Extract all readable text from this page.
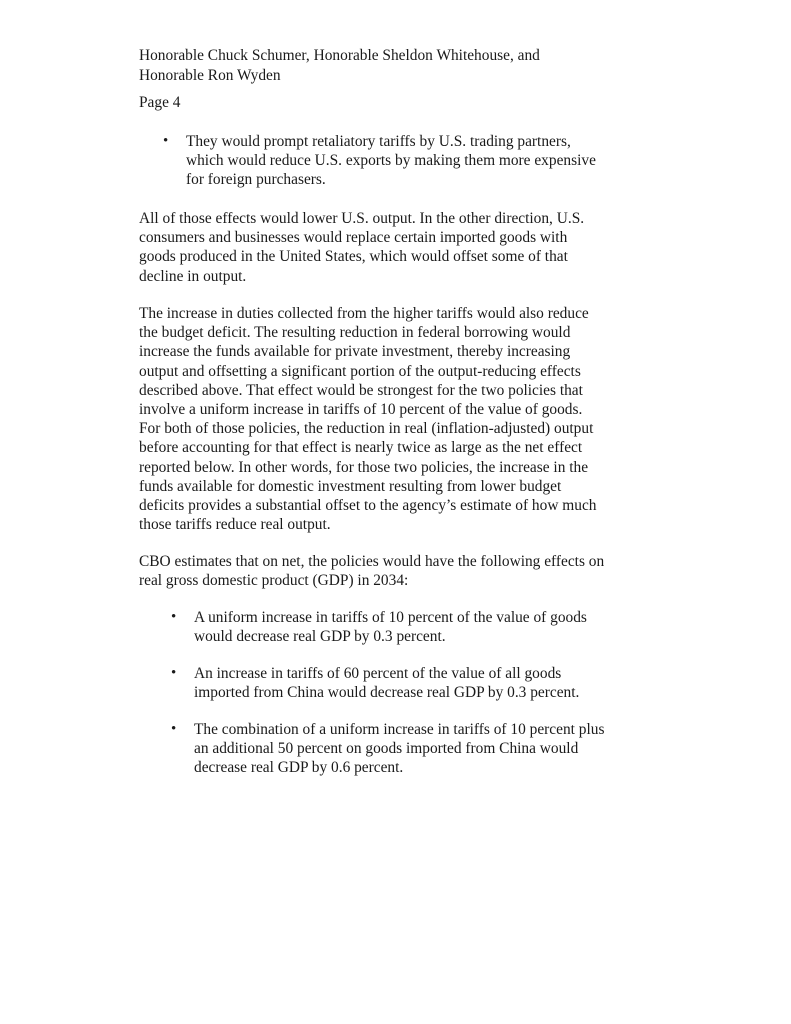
Honorable Chuck Schumer, Honorable Sheldon Whitehouse, and
Honorable Ron Wyden
Page 4
• They would prompt retaliatory tariffs by U.S. trading partners,
which would reduce U.S. exports by making them more expensive
for foreign purchasers.
All of those effects would lower U.S. output. In the other direction, U.S.
consumers and businesses would replace certain imported goods with
goods produced in the United States, which would offset some of that
decline in output.
The increase in duties collected from the higher tariffs would also reduce
the budget deficit. The resulting reduction in federal borrowing would
increase the funds available for private investment, thereby increasing
output and offsetting a significant portion of the output-reducing effects
described above. That effect would be strongest for the two policies that
involve a uniform increase in tariffs of 10 percent of the value of goods.
For both of those policies, the reduction in real (inflation-adjusted) output
before accounting for that effect is nearly twice as large as the net effect
reported below. In other words, for those two policies, the increase in the
funds available for domestic investment resulting from lower budget
deficits provides a substantial offset to the agency’s estimate of how much
those tariffs reduce real output.
CBO estimates that on net, the policies would have the following effects on
real gross domestic product (GDP) in 2034:
• A uniform increase in tariffs of 10 percent of the value of goods
would decrease real GDP by 0.3 percent.
• An increase in tariffs of 60 percent of the value of all goods
imported from China would decrease real GDP by 0.3 percent.
• The combination of a uniform increase in tariffs of 10 percent plus
an additional 50 percent on goods imported from China would
decrease real GDP by 0.6 percent.
